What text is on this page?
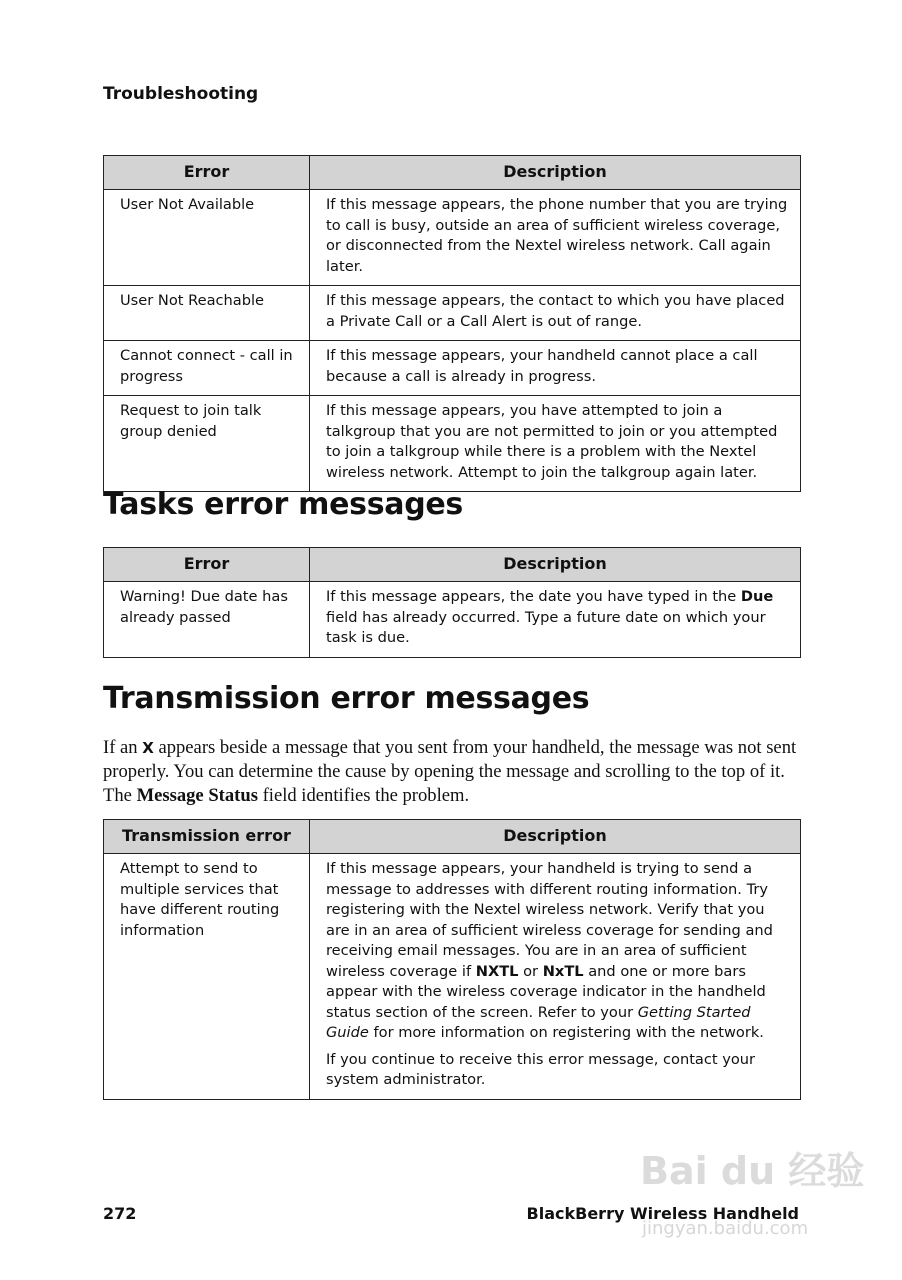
Troubleshooting
Error	Description
User Not Available	If this message appears, the phone number that you are trying to call is busy, outside an area of sufficient wireless coverage, or disconnected from the Nextel wireless network. Call again later.
User Not Reachable	If this message appears, the contact to which you have placed a Private Call or a Call Alert is out of range.
Cannot connect - call in progress	If this message appears, your handheld cannot place a call because a call is already in progress.
Request to join talk group denied	If this message appears, you have attempted to join a talkgroup that you are not permitted to join or you attempted to join a talkgroup while there is a problem with the Nextel wireless network. Attempt to join the talkgroup again later.
Tasks error messages
Error	Description
Warning! Due date has already passed	If this message appears, the date you have typed in the Due field has already occurred. Type a future date on which your task is due.
Transmission error messages
If an X appears beside a message that you sent from your handheld, the message was not sent properly. You can determine the cause by opening the message and scrolling to the top of it. The Message Status field identifies the problem.
Transmission error	Description
Attempt to send to multiple services that have different routing information	If this message appears, your handheld is trying to send a message to addresses with different routing information. Try registering with the Nextel wireless network. Verify that you are in an area of sufficient wireless coverage for sending and receiving email messages. You are in an area of sufficient wireless coverage if NXTL or NxTL and one or more bars appear with the wireless coverage indicator in the handheld status section of the screen. Refer to your Getting Started Guide for more information on registering with the network.

If you continue to receive this error message, contact your system administrator.

Bai du 经验
jingyan.baidu.com
272	BlackBerry Wireless Handheld
